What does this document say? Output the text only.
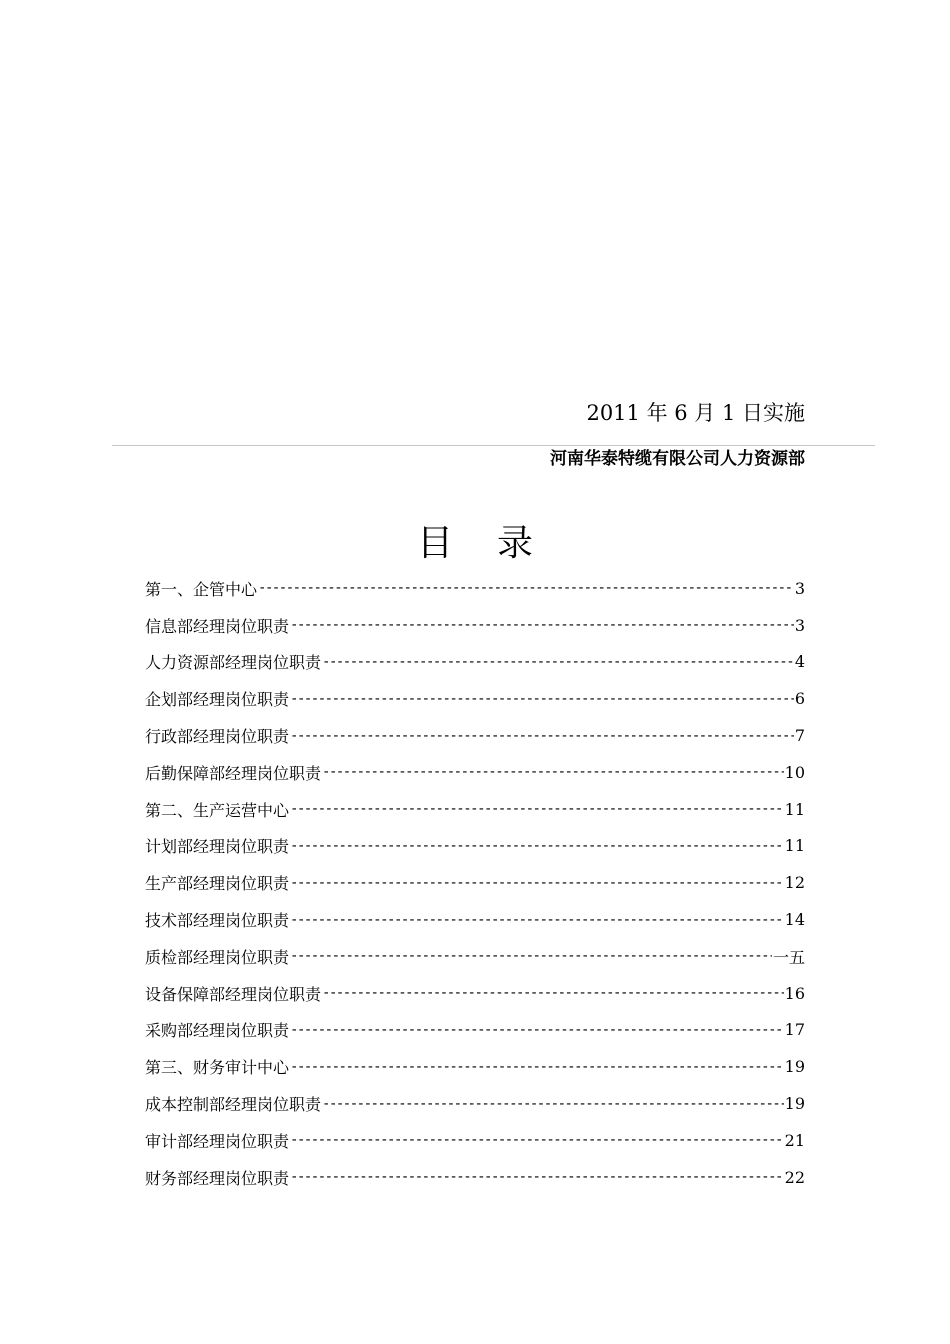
2011 年 6 月 1 日实施
河南华泰特缆有限公司人力资源部
目录
第一、企管中心 -----	3
信息部经理岗位职责 -----	3
人力资源部经理岗位职责 -----	4
企划部经理岗位职责 -----	6
行政部经理岗位职责 -----	7
后勤保障部经理岗位职责 -----	10
第二、生产运营中心 -----	11
计划部经理岗位职责 -----	11
生产部经理岗位职责 -----	12
技术部经理岗位职责 -----	14
质检部经理岗位职责 -----	一五
设备保障部经理岗位职责 -----	16
采购部经理岗位职责 -----	17
第三、财务审计中心 -----	19
成本控制部经理岗位职责 -----	19
审计部经理岗位职责 -----	21
财务部经理岗位职责 -----	22
